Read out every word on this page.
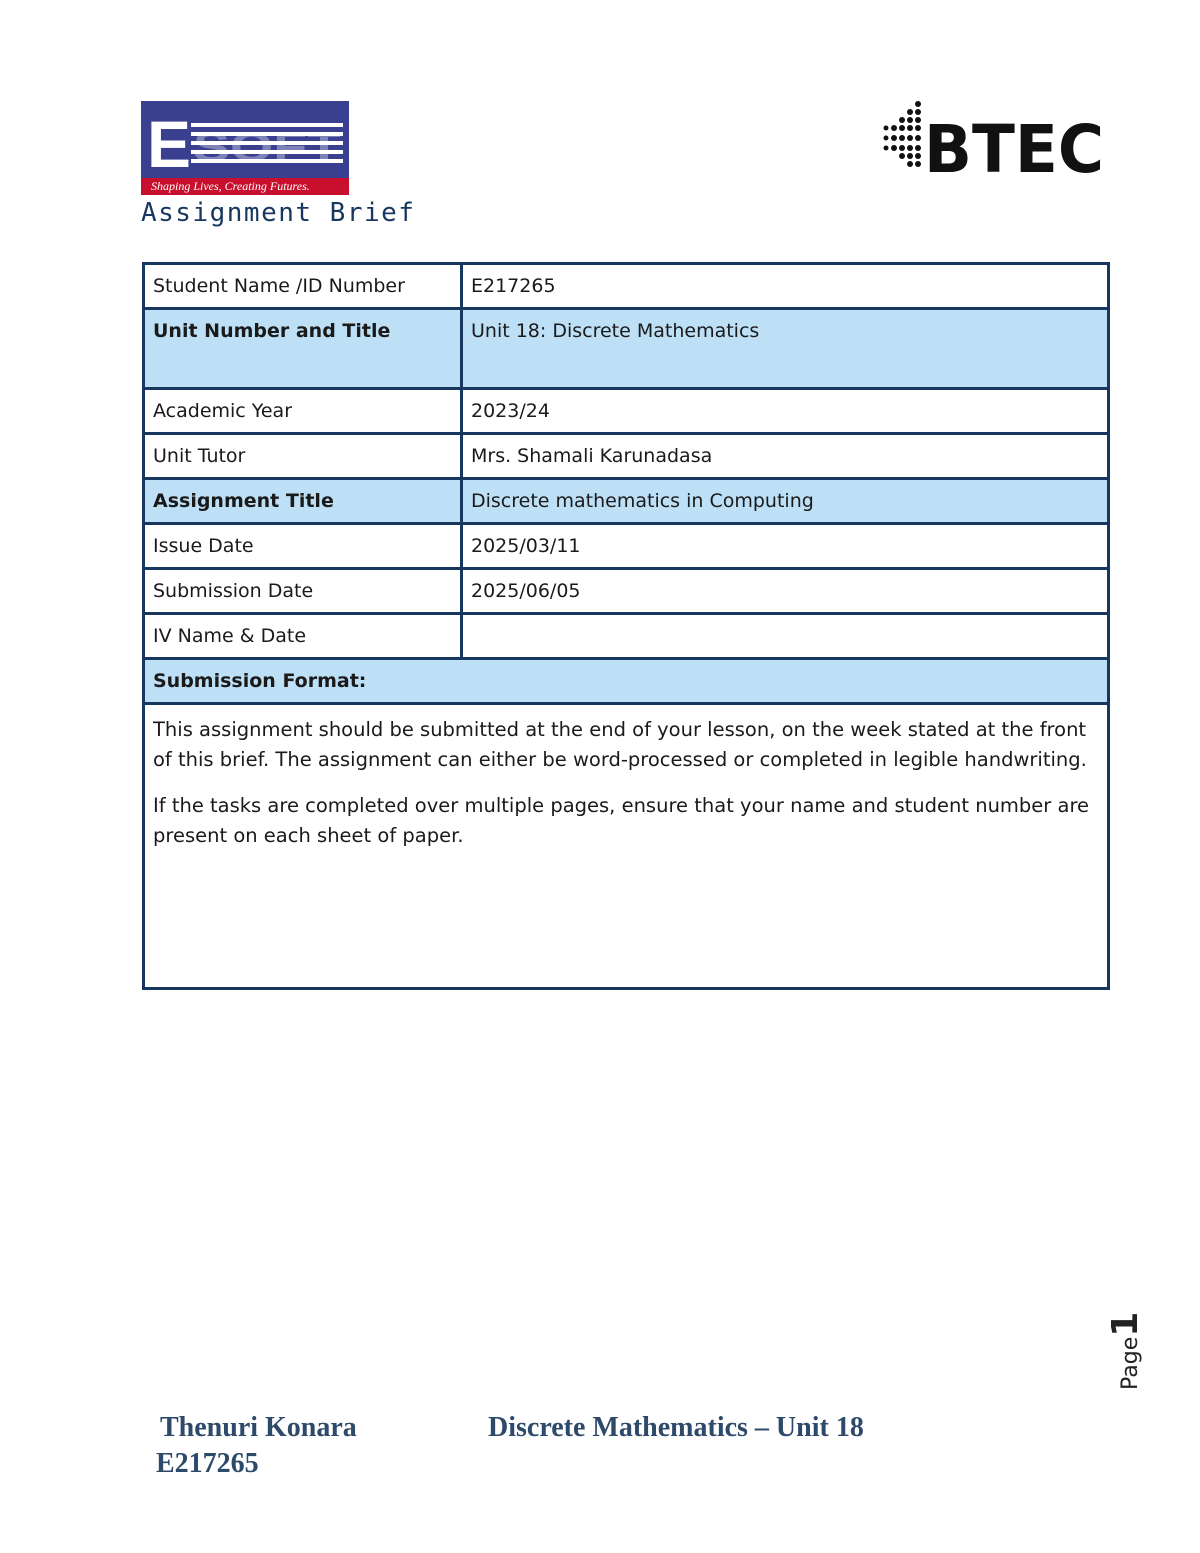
E SOFT
Shaping Lives, Creating Futures.	BTEC
Assignment Brief
Student Name /ID Number	E217265
Unit Number and Title	Unit 18: Discrete Mathematics
Academic Year	2023/24
Unit Tutor	Mrs. Shamali Karunadasa
Assignment Title	Discrete mathematics in Computing
Issue Date	2025/03/11
Submission Date	2025/06/05
IV Name & Date	
Submission Format:	

This assignment should be submitted at the end of your lesson, on the week stated at the front of this brief. The assignment can either be word-processed or completed in legible handwriting.

If the tasks are completed over multiple pages, ensure that your name and student number are present on each sheet of paper.	

Page1
Thenuri Konara
E217265
Discrete Mathematics – Unit 18
